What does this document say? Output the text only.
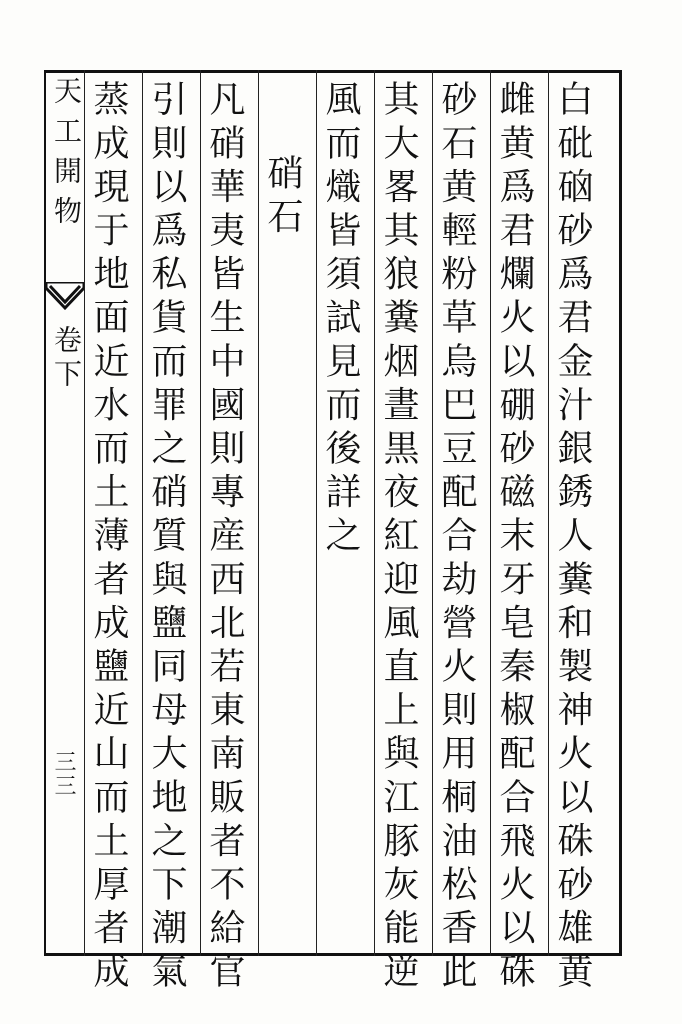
天工開物
卷下
三三	白砒硇砂爲君金汁銀銹人糞和製神火以硃砂雄黄
雌黄爲君爛火以硼砂磁末牙皂秦椒配合飛火以硃
砂石黄輕粉草烏巴豆配合劫營火則用桐油松香此
其大畧其狼糞烟晝黒夜紅迎風直上與江豚灰能逆
風而熾皆須試見而後詳之
　硝石
凡硝華夷皆生中國則專産西北若東南販者不給官
引則以爲私貨而罪之硝質與鹽同母大地之下潮氣
蒸成現于地面近水而土薄者成鹽近山而土厚者成
